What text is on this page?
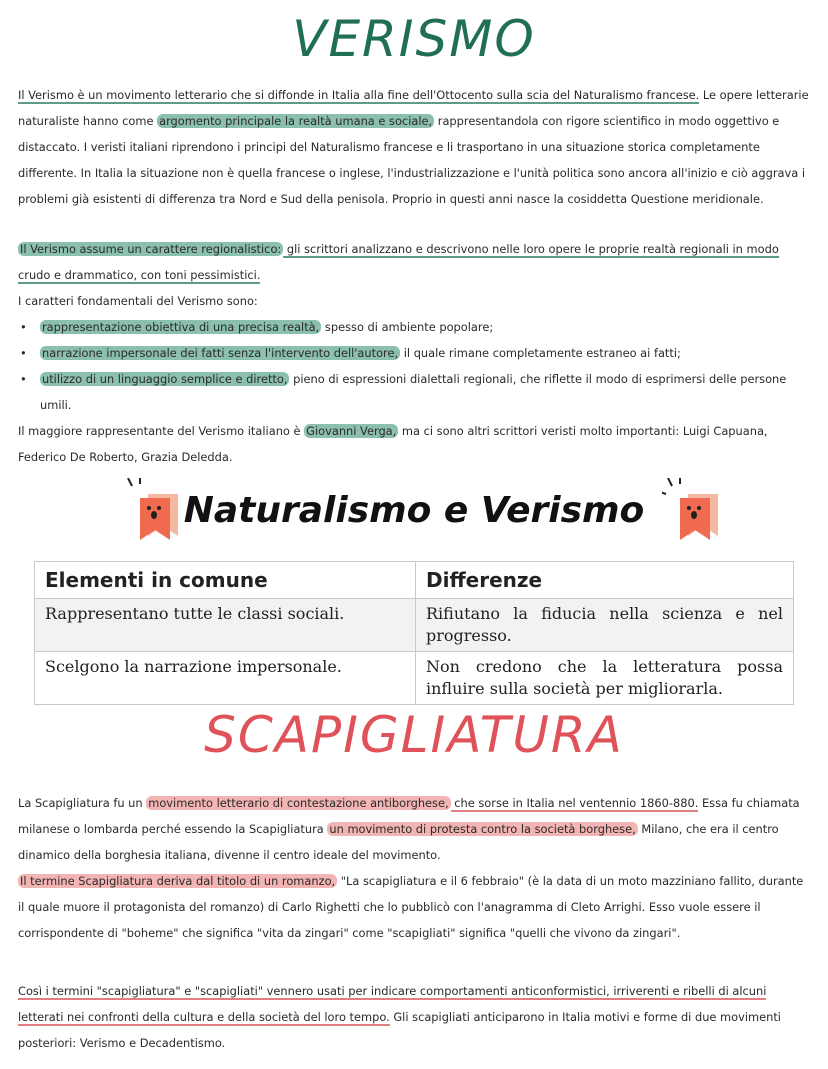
VERISMO

Il Verismo è un movimento letterario che si diffonde in Italia alla fine dell'Ottocento sulla scia del Naturalismo francese. Le opere letterarie naturaliste hanno come argomento principale la realtà umana e sociale, rappresentandola con rigore scientifico in modo oggettivo e distaccato. I veristi italiani riprendono i principi del Naturalismo francese e li trasportano in una situazione storica completamente differente. In Italia la situazione non è quella francese o inglese, l'industrializzazione e l'unità politica sono ancora all'inizio e ciò aggrava i problemi già esistenti di differenza tra Nord e Sud della penisola. Proprio in questi anni nasce la cosiddetta Questione meridionale.

Il Verismo assume un carattere regionalistico: gli scrittori analizzano e descrivono nelle loro opere le proprie realtà regionali in modo crudo e drammatico, con toni pessimistici.

I caratteri fondamentali del Verismo sono:

• rappresentazione obiettiva di una precisa realtà, spesso di ambiente popolare;
• narrazione impersonale dei fatti senza l'intervento dell'autore, il quale rimane completamente estraneo ai fatti;
• utilizzo di un linguaggio semplice e diretto, pieno di espressioni dialettali regionali, che riflette il modo di esprimersi delle persone umili.

Il maggiore rappresentante del Verismo italiano è Giovanni Verga, ma ci sono altri scrittori veristi molto importanti: Luigi Capuana, Federico De Roberto, Grazia Deledda.

Naturalismo e Verismo
Elementi in comune	Differenze
Rappresentano tutte le classi sociali.	Rifiutano la fiducia nella scienza e nel progresso.
Scelgono la narrazione impersonale.	Non credono che la letteratura possa influire sulla società per migliorarla.
SCAPIGLIATURA

La Scapigliatura fu un movimento letterario di contestazione antiborghese, che sorse in Italia nel ventennio 1860-880. Essa fu chiamata milanese o lombarda perché essendo la Scapigliatura un movimento di protesta contro la società borghese, Milano, che era il centro dinamico della borghesia italiana, divenne il centro ideale del movimento.

Il termine Scapigliatura deriva dal titolo di un romanzo, "La scapigliatura e il 6 febbraio" (è la data di un moto mazziniano fallito, durante il quale muore il protagonista del romanzo) di Carlo Righetti che lo pubblicò con l'anagramma di Cleto Arrighi. Esso vuole essere il corrispondente di "boheme" che significa "vita da zingari" come "scapigliati" significa "quelli che vivono da zingari".

Così i termini "scapigliatura" e "scapigliati" vennero usati per indicare comportamenti anticonformistici, irriverenti e ribelli di alcuni letterati nei confronti della cultura e della società del loro tempo. Gli scapigliati anticiparono in Italia motivi e forme di due movimenti posteriori: Verismo e Decadentismo.
